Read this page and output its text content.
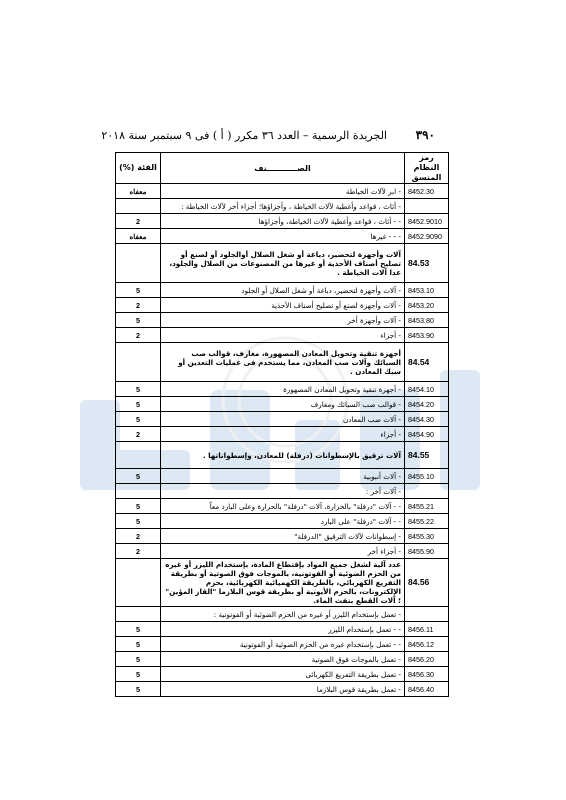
٣٩٠
الجريدة الرسمية – العدد ٣٦ مكرر ( أ ) فى ٩ سبتمبر سنة ٢٠١٨
رمز النظام المنسق	الصـــــــــــنف	الفئة (%)
8452.30	- ابر لآلات الخياطة	معفاه
	- أثاث ، قواعد وأغطية لآلات الخياطة ، وأجزاؤها؛ أجزاء أخر لآلات الخياطة :	
8452.9010	- - أثاث ، قواعد وأغطية لآلات الخياطة، وأجزاؤها	2
8452.9090	- - - غيرها	معفاه
84.53	آلات وأجهزة لتحضير، دباغة أو شغل الصلال أوالجلود أو لصنع أو تصليح أصناف الأحذية أو غيرها من المصنوعات من الصلال والجلود، عدا آلات الخياطة .	
8453.10	- آلات وأجهزة لتحضير، دباغة أو شغل الصلال أو الجلود	5
8453.20	- آلات وأجهزة لصنع أو تصليح أصناف الأحذية	2
8453.80	- آلات وأجهزة أخر	5
8453.90	- أجزاء	2
84.54	أجهزة تنقية وتحويل المعادن المصهورة، مغارف، قوالب صب السبائك وآلات صب المعادن، مما يستخدم فى عمليات التعدين أو سبك المعادن .	
8454.10	- أجهزة تنقية وتحويل المعادن المصهورة	5
8454.20	- قوالب صب السبائك ومغارف	5
8454.30	- آلات صب المعادن	5
8454.90	- أجزاء	2
84.55	آلات ترقيق بالإسطوانات (درفلة) للمعادن، وإسطواناتها .	
8455.10	- آلات أنبوبية	5
	- آلات أخر :	
8455.21	- - آلات "درفلة" بالحرارة، آلات "درفلة" بالحرارة وعلى البارد معاً	5
8455.22	- - آلات "درفلة" على البارد	5
8455.30	- إسطوانات لآلات الترقيق "الدرفلة"	2
8455.90	- أجزاء أخر	2
84.56	عدد آلية لشغل جميع المواد بإقتطاع المادة، بإستخدام الليزر أو غيره من الحزم الضوئية أو الفوتونية، بالموجات فوق الصوتية أو بطريقة التفريغ الكهربائي، بالطريقة الكهميائية الكهربائية، بحزم الإلكترونات، بالحزم الأيونية أو بطريقة قوس البلازما "القاز المؤين" ؛ آلات القطع بنفث الماء.	
	- تعمل بإستخدام الليزر أو غيره من الحزم الضوئية أو الفوتونية :	
8456.11	- - تعمل بإستخدام الليزر	5
8456.12	- - تعمل بإستخدام غيره من الحزم الضوئية أو الفوتونية	5
8456.20	- تعمل بالموجات فوق الصوتية	5
8456.30	- تعمل بطريقة التفريغ الكهربائى	5
8456.40	- تعمل بطريقة قوس البلازما	5
